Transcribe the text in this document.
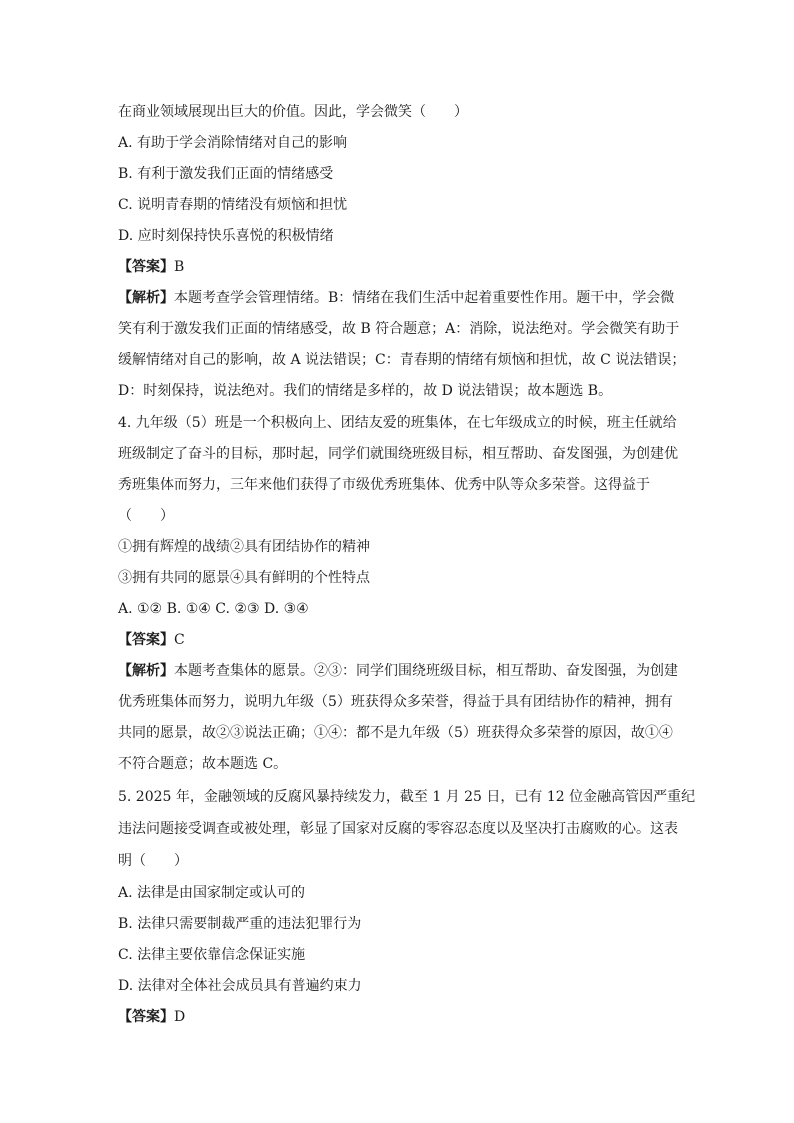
在商业领域展现出巨大的价值。因此，学会微笑（　　）
A. 有助于学会消除情绪对自己的影响
B. 有利于激发我们正面的情绪感受
C. 说明青春期的情绪没有烦恼和担忧
D. 应时刻保持快乐喜悦的积极情绪
【答案】B
【解析】本题考查学会管理情绪。B：情绪在我们生活中起着重要性作用。题干中，学会微
笑有利于激发我们正面的情绪感受，故 B 符合题意；A：消除，说法绝对。学会微笑有助于
缓解情绪对自己的影响，故 A 说法错误；C：青春期的情绪有烦恼和担忧，故 C 说法错误；
D：时刻保持，说法绝对。我们的情绪是多样的，故 D 说法错误；故本题选 B。
4. 九年级（5）班是一个积极向上、团结友爱的班集体，在七年级成立的时候，班主任就给
班级制定了奋斗的目标，那时起，同学们就围绕班级目标，相互帮助、奋发图强，为创建优
秀班集体而努力，三年来他们获得了市级优秀班集体、优秀中队等众多荣誉。这得益于
（　　）
①拥有辉煌的战绩②具有团结协作的精神
③拥有共同的愿景④具有鲜明的个性特点
A. ①② B. ①④ C. ②③ D. ③④
【答案】C
【解析】本题考查集体的愿景。②③：同学们围绕班级目标，相互帮助、奋发图强，为创建
优秀班集体而努力，说明九年级（5）班获得众多荣誉，得益于具有团结协作的精神，拥有
共同的愿景，故②③说法正确；①④：都不是九年级（5）班获得众多荣誉的原因，故①④
不符合题意；故本题选 C。
5. 2025 年，金融领域的反腐风暴持续发力，截至 1 月 25 日，已有 12 位金融高管因严重纪
违法问题接受调查或被处理，彰显了国家对反腐的零容忍态度以及坚决打击腐败的心。这表
明（　　）
A. 法律是由国家制定或认可的
B. 法律只需要制裁严重的违法犯罪行为
C. 法律主要依靠信念保证实施
D. 法律对全体社会成员具有普遍约束力
【答案】D
